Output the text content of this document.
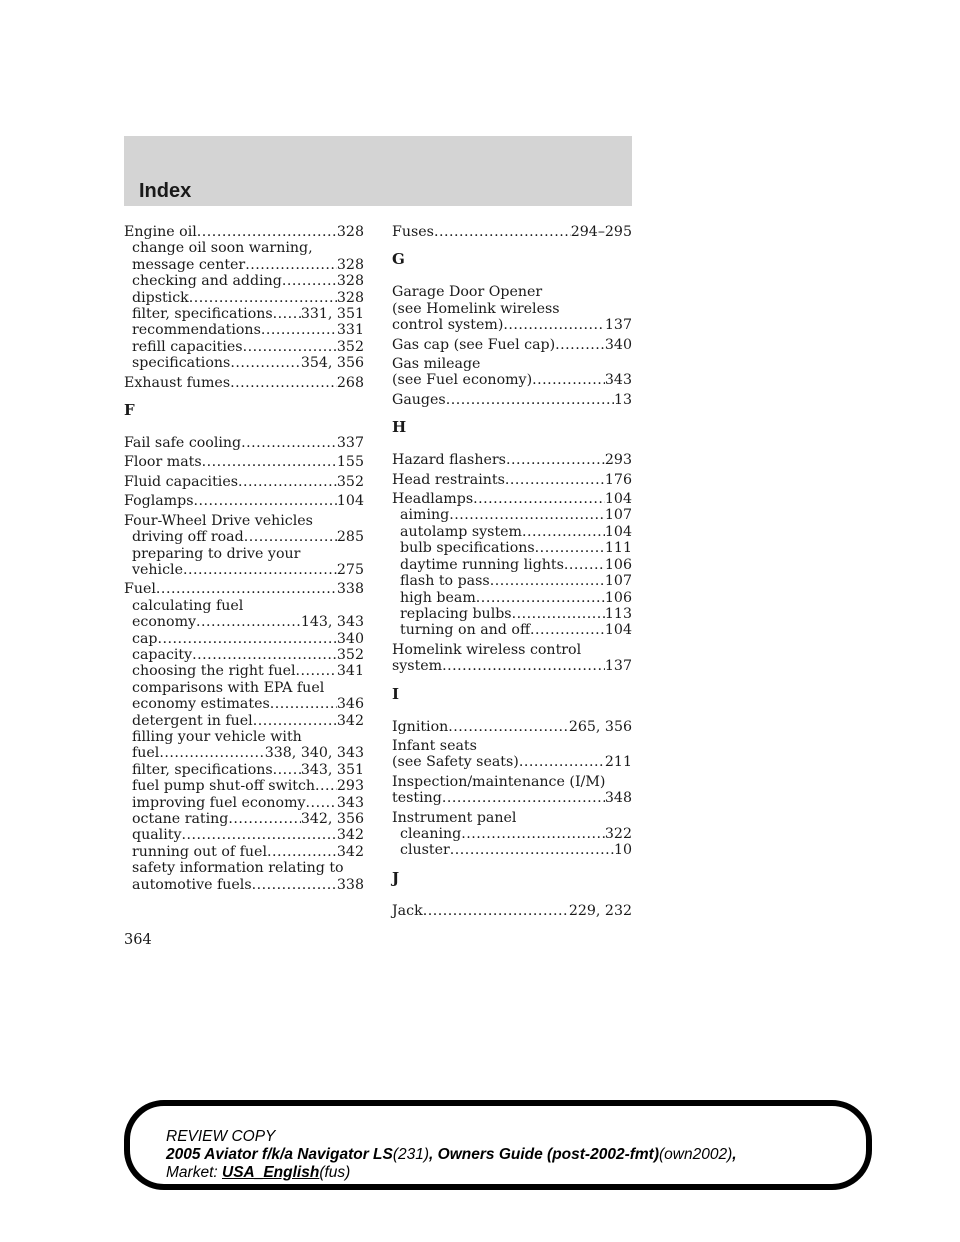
Index
Engine oil .....	328
change oil soon warning,
message center .....	328
checking and adding .....	328
dipstick .....	328
filter, specifications ..... 331, 351
recommendations .....	331
refill capacities .....	352
specifications .....	354, 356
Exhaust fumes .....	268
F
Fail safe cooling .....	337
Floor mats .....	155
Fluid capacities .....	352
Foglamps .....	104
Four-Wheel Drive vehicles
driving off road .....	285
preparing to drive your
vehicle .....	275
Fuel .....	338
calculating fuel
economy .....	143, 343
cap .....	340
capacity .....	352
choosing the right fuel .....	341
comparisons with EPA fuel
economy estimates .....	346
detergent in fuel .....	342
filling your vehicle with
fuel .....	338, 340, 343
filter, specifications ..... 343, 351
fuel pump shut-off switch ..... 293
improving fuel economy ..... 343
octane rating .....	342, 356
quality .....	342
running out of fuel .....	342
safety information relating to
automotive fuels .....	338
Fuses .....	294–295
G
Garage Door Opener
(see Homelink wireless
control system) .....	137
Gas cap (see Fuel cap) .....	340
Gas mileage
(see Fuel economy) .....	343
Gauges .....	13
H
Hazard flashers .....	293
Head restraints .....	176
Headlamps .....	104
aiming .....	107
autolamp system .....	104
bulb specifications .....	111
daytime running lights .....	106
flash to pass .....	107
high beam .....	106
replacing bulbs .....	113
turning on and off .....	104
Homelink wireless control
system .....	137
I
Ignition .....	265, 356
Infant seats
(see Safety seats) .....	211
Inspection/maintenance (I/M)
testing .....	348
Instrument panel
cleaning .....	322
cluster .....	10
J
Jack .....	229, 232
364
REVIEW COPY
2005 Aviator f/k/a Navigator LS(231), Owners Guide (post-2002-fmt)(own2002),
Market: USA_English(fus)
